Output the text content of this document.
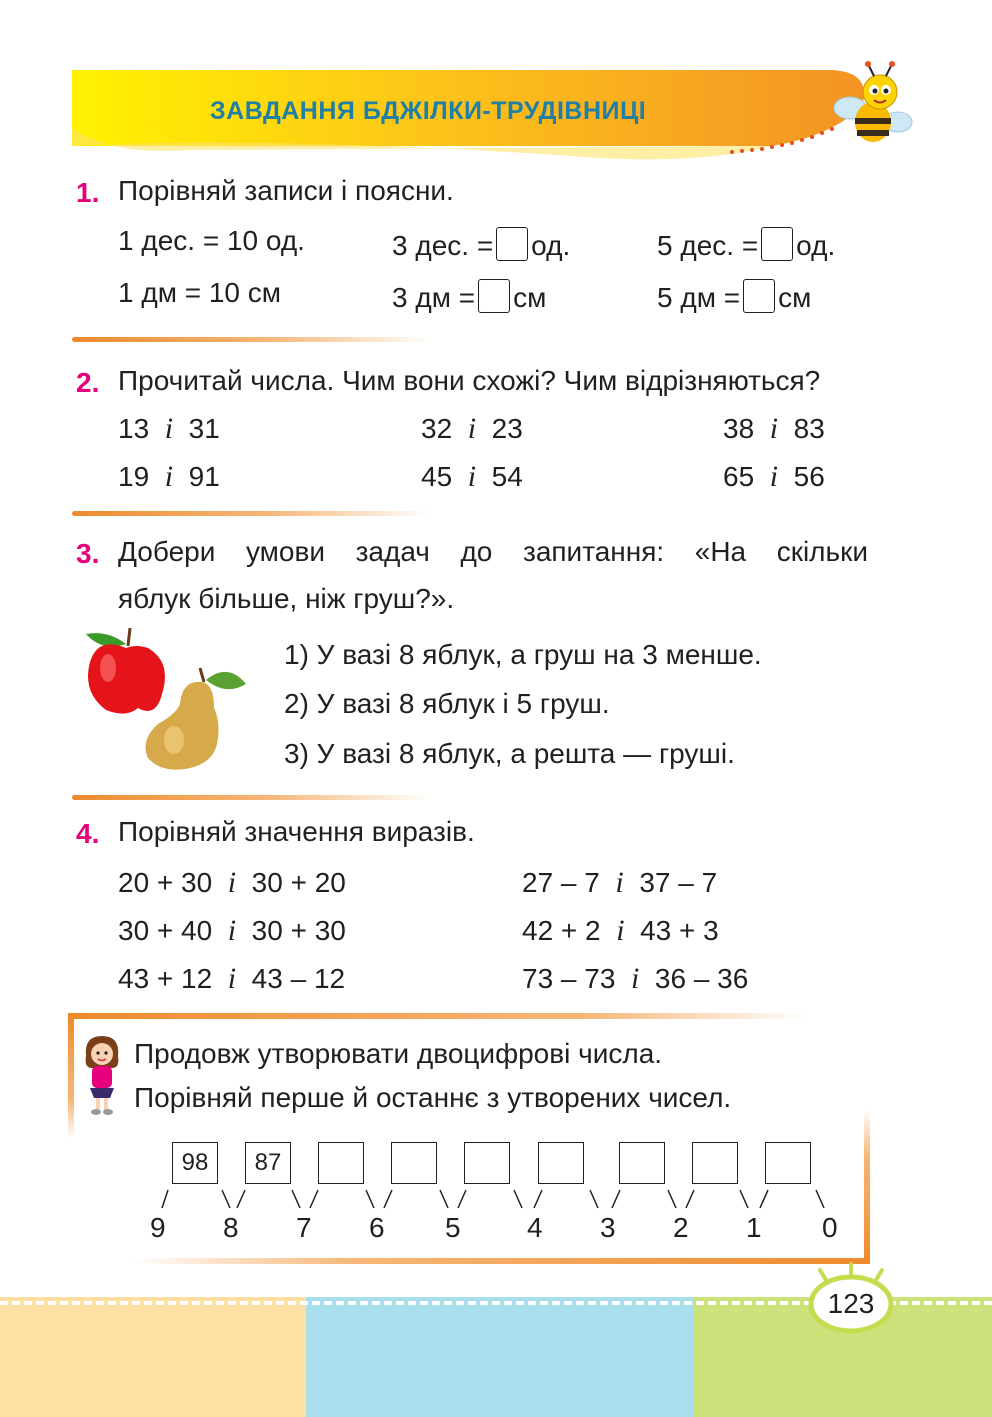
ЗАВДАННЯ БДЖІЛКИ-ТРУДІВНИЦІ
1. Порівняй записи і поясни.
1 дес. = 10 од.	3 дес. = од.	5 дес. = од.
1 дм = 10 см	3 дм = см	5 дм = см
2. Прочитай числа. Чим вони схожі? Чим відрізняються?
13 і 31	32 і 23	38 і 83
19 і 91	45 і 54	65 і 56
3. Добери умови задач до запитання: «На скільки
яблук більше, ніж груш?».
1) У вазі 8 яблук, а груш на 3 менше.
2) У вазі 8 яблук і 5 груш.
3) У вазі 8 яблук, а решта — груші.
4. Порівняй значення виразів.
20 + 30 і 30 + 20	27 – 7 і 37 – 7
30 + 40 і 30 + 30	42 + 2 і 43 + 3
43 + 12 і 43 – 12	73 – 73 і 36 – 36
Продовж утворювати двоцифрові числа.
Порівняй перше й останнє з утворених чисел.
98	87
9 8 7 6 5 4 3 2 1 0
123
